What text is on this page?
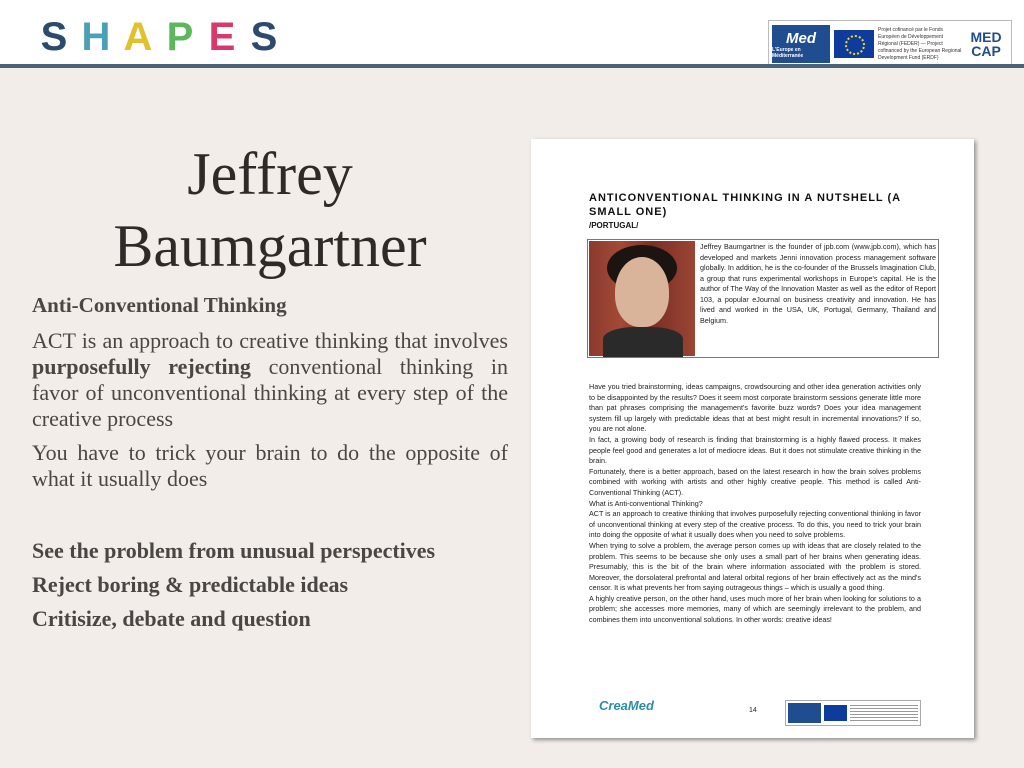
S H A P E S	Med
L'Europe en Méditerranée
Projet cofinancé par le Fonds Européen de Développement Régional (FEDER) — Project cofinanced by the European Regional Development Fund (ERDF)
MED CAP
Jeffrey Baumgartner

Anti-Conventional Thinking

ACT is an approach to creative thinking that involves purposefully rejecting conventional thinking in favor of unconventional thinking at every step of the creative process

You have to trick your brain to do the opposite of what it usually does

See the problem from unusual perspectives

Reject boring & predictable ideas

Critisize, debate and question

ANTICONVENTIONAL THINKING IN A NUTSHELL (A SMALL ONE)
/PORTUGAL/
Jeffrey Baumgartner is the founder of jpb.com (www.jpb.com), which has developed and markets Jenni innovation process management software globally. In addition, he is the co-founder of the Brussels Imagination Club, a group that runs experimental workshops in Europe's capital. He is the author of The Way of the Innovation Master as well as the editor of Report 103, a popular eJournal on business creativity and innovation. He has lived and worked in the USA, UK, Portugal, Germany, Thailand and Belgium.

Have you tried brainstorming, ideas campaigns, crowdsourcing and other idea generation activities only to be disappointed by the results? Does it seem most corporate brainstorm sessions generate little more than pat phrases comprising the management's favorite buzz words? Does your idea management system fill up largely with predictable ideas that at best might result in incremental innovations? If so, you are not alone.

In fact, a growing body of research is finding that brainstorming is a highly flawed process. It makes people feel good and generates a lot of mediocre ideas. But it does not stimulate creative thinking in the brain.

Fortunately, there is a better approach, based on the latest research in how the brain solves problems combined with working with artists and other highly creative people. This method is called Anti-Conventional Thinking (ACT).

What is Anti-conventional Thinking?

ACT is an approach to creative thinking that involves purposefully rejecting conventional thinking in favor of unconventional thinking at every step of the creative process. To do this, you need to trick your brain into doing the opposite of what it usually does when you need to solve problems.

When trying to solve a problem, the average person comes up with ideas that are closely related to the problem. This seems to be because she only uses a small part of her brains when generating ideas. Presumably, this is the bit of the brain where information associated with the problem is stored. Moreover, the dorsolateral prefrontal and lateral orbital regions of her brain effectively act as the mind's censor. It is what prevents her from saying outrageous things – which is usually a good thing.

A highly creative person, on the other hand, uses much more of her brain when looking for solutions to a problem; she accesses more memories, many of which are seemingly irrelevant to the problem, and combines them into unconventional solutions. In other words: creative ideas!

CreaMed	14
